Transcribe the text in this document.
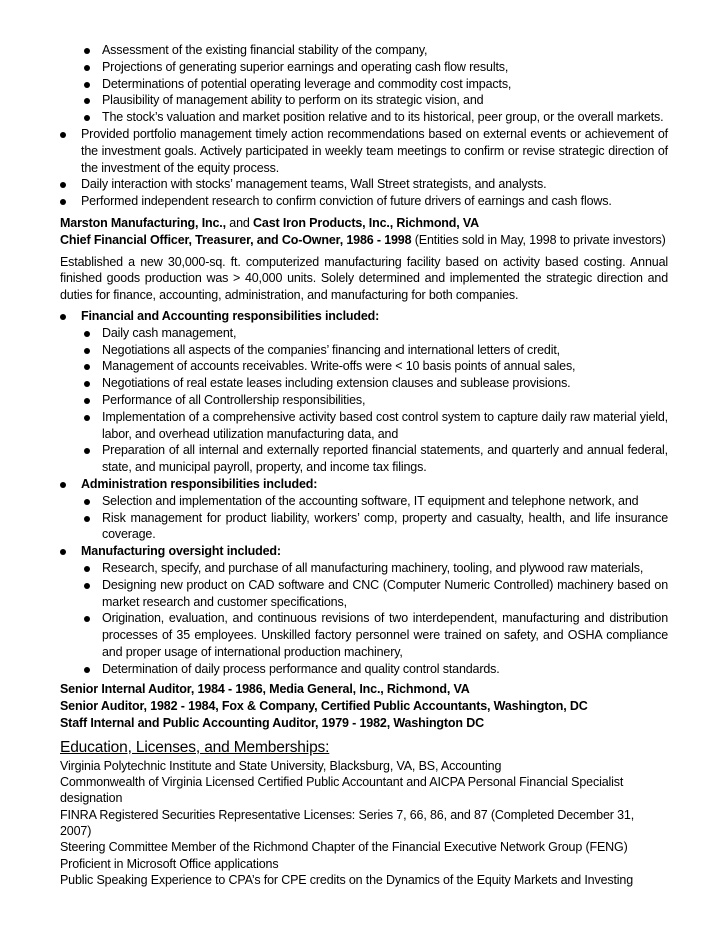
Assessment of the existing financial stability of the company,
Projections of generating superior earnings and operating cash flow results,
Determinations of potential operating leverage and commodity cost impacts,
Plausibility of management ability to perform on its strategic vision, and
The stock’s valuation and market position relative and to its historical, peer group, or the overall markets.
Provided portfolio management timely action recommendations based on external events or achievement of the investment goals. Actively participated in weekly team meetings to confirm or revise strategic direction of the investment of the equity process.
Daily interaction with stocks’ management teams, Wall Street strategists, and analysts.
Performed independent research to confirm conviction of future drivers of earnings and cash flows.
Marston Manufacturing, Inc., and Cast Iron Products, Inc., Richmond, VA
Chief Financial Officer, Treasurer, and Co-Owner, 1986 - 1998 (Entities sold in May, 1998 to private investors)
Established a new 30,000-sq. ft. computerized manufacturing facility based on activity based costing. Annual finished goods production was > 40,000 units. Solely determined and implemented the strategic direction and duties for finance, accounting, administration, and manufacturing for both companies.
Financial and Accounting responsibilities included:
Daily cash management,
Negotiations all aspects of the companies’ financing and international letters of credit,
Management of accounts receivables. Write-offs were < 10 basis points of annual sales,
Negotiations of real estate leases including extension clauses and sublease provisions.
Performance of all Controllership responsibilities,
Implementation of a comprehensive activity based cost control system to capture daily raw material yield, labor, and overhead utilization manufacturing data, and
Preparation of all internal and externally reported financial statements, and quarterly and annual federal, state, and municipal payroll, property, and income tax filings.
Administration responsibilities included:
Selection and implementation of the accounting software, IT equipment and telephone network, and
Risk management for product liability, workers’ comp, property and casualty, health, and life insurance coverage.
Manufacturing oversight included:
Research, specify, and purchase of all manufacturing machinery, tooling, and plywood raw materials,
Designing new product on CAD software and CNC (Computer Numeric Controlled) machinery based on market research and customer specifications,
Origination, evaluation, and continuous revisions of two interdependent, manufacturing and distribution processes of 35 employees. Unskilled factory personnel were trained on safety, and OSHA compliance and proper usage of international production machinery,
Determination of daily process performance and quality control standards.
Senior Internal Auditor, 1984 - 1986, Media General, Inc., Richmond, VA
Senior Auditor, 1982 - 1984, Fox & Company, Certified Public Accountants, Washington, DC
Staff Internal and Public Accounting Auditor, 1979 - 1982, Washington DC
Education, Licenses, and Memberships:
Virginia Polytechnic Institute and State University, Blacksburg, VA, BS, Accounting
Commonwealth of Virginia Licensed Certified Public Accountant and AICPA Personal Financial Specialist designation
FINRA Registered Securities Representative Licenses: Series 7, 66, 86, and 87 (Completed December 31, 2007)
Steering Committee Member of the Richmond Chapter of the Financial Executive Network Group (FENG)
Proficient in Microsoft Office applications
Public Speaking Experience to CPA’s for CPE credits on the Dynamics of the Equity Markets and Investing
